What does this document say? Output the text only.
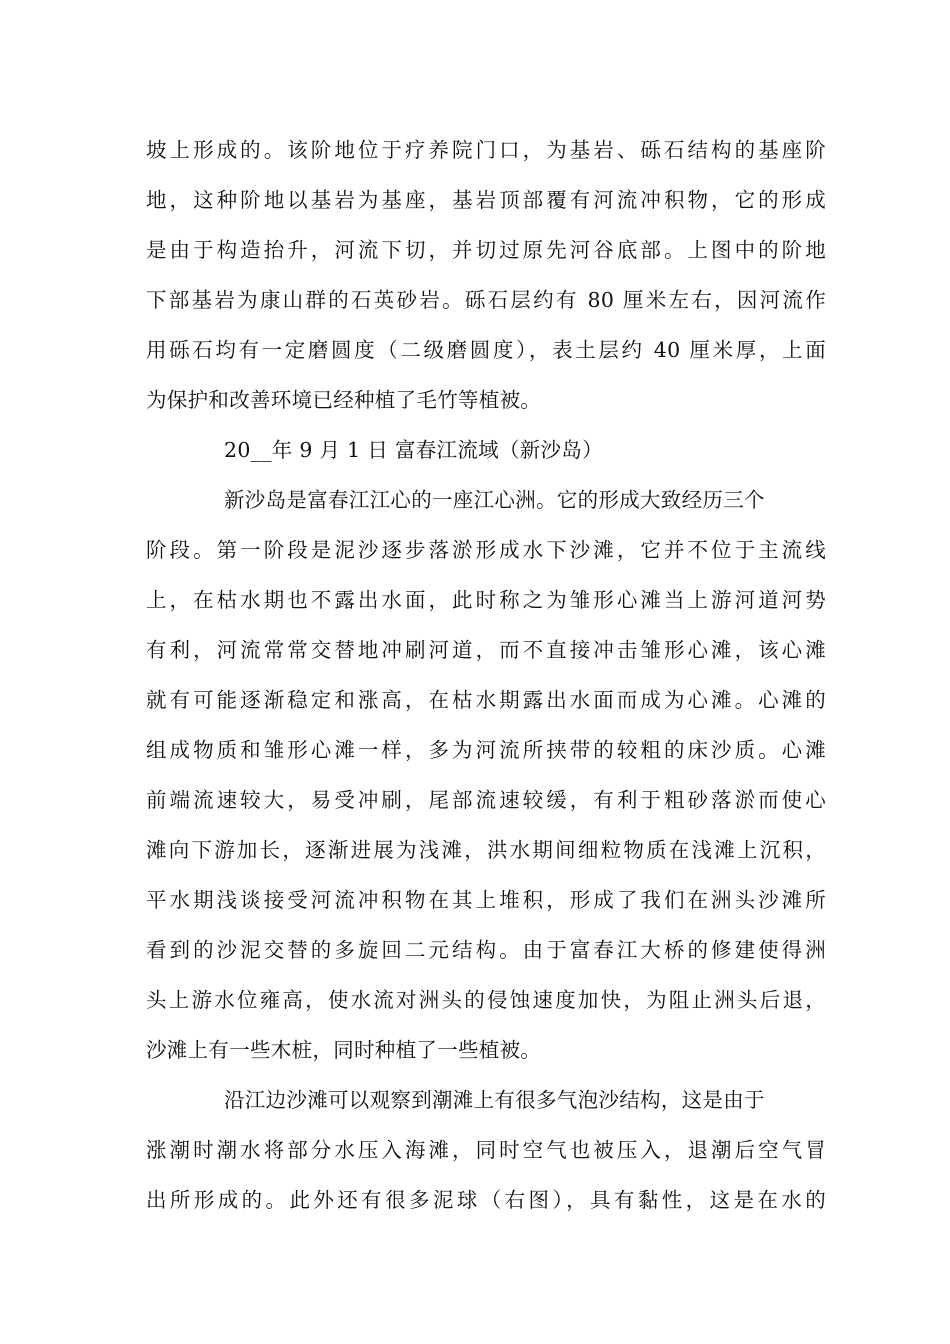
坡上形成的。该阶地位于疗养院门口，为基岩、砾石结构的基座阶
地，这种阶地以基岩为基座，基岩顶部覆有河流冲积物，它的形成
是由于构造抬升，河流下切，并切过原先河谷底部。上图中的阶地
下部基岩为康山群的石英砂岩。砾石层约有 80 厘米左右，因河流作
用砾石均有一定磨圆度（二级磨圆度），表土层约 40 厘米厚，上面
为保护和改善环境已经种植了毛竹等植被。
20__年 9 月 1 日 富春江流域（新沙岛）
新沙岛是富春江江心的一座江心洲。它的形成大致经历三个
阶段。第一阶段是泥沙逐步落淤形成水下沙滩，它并不位于主流线
上，在枯水期也不露出水面，此时称之为雏形心滩当上游河道河势
有利，河流常常交替地冲刷河道，而不直接冲击雏形心滩，该心滩
就有可能逐渐稳定和涨高，在枯水期露出水面而成为心滩。心滩的
组成物质和雏形心滩一样，多为河流所挟带的较粗的床沙质。心滩
前端流速较大，易受冲刷，尾部流速较缓，有利于粗砂落淤而使心
滩向下游加长，逐渐进展为浅滩，洪水期间细粒物质在浅滩上沉积，
平水期浅谈接受河流冲积物在其上堆积，形成了我们在洲头沙滩所
看到的沙泥交替的多旋回二元结构。由于富春江大桥的修建使得洲
头上游水位雍高，使水流对洲头的侵蚀速度加快，为阻止洲头后退，
沙滩上有一些木桩，同时种植了一些植被。
沿江边沙滩可以观察到潮滩上有很多气泡沙结构，这是由于
涨潮时潮水将部分水压入海滩，同时空气也被压入，退潮后空气冒
出所形成的。此外还有很多泥球（右图），具有黏性，这是在水的
